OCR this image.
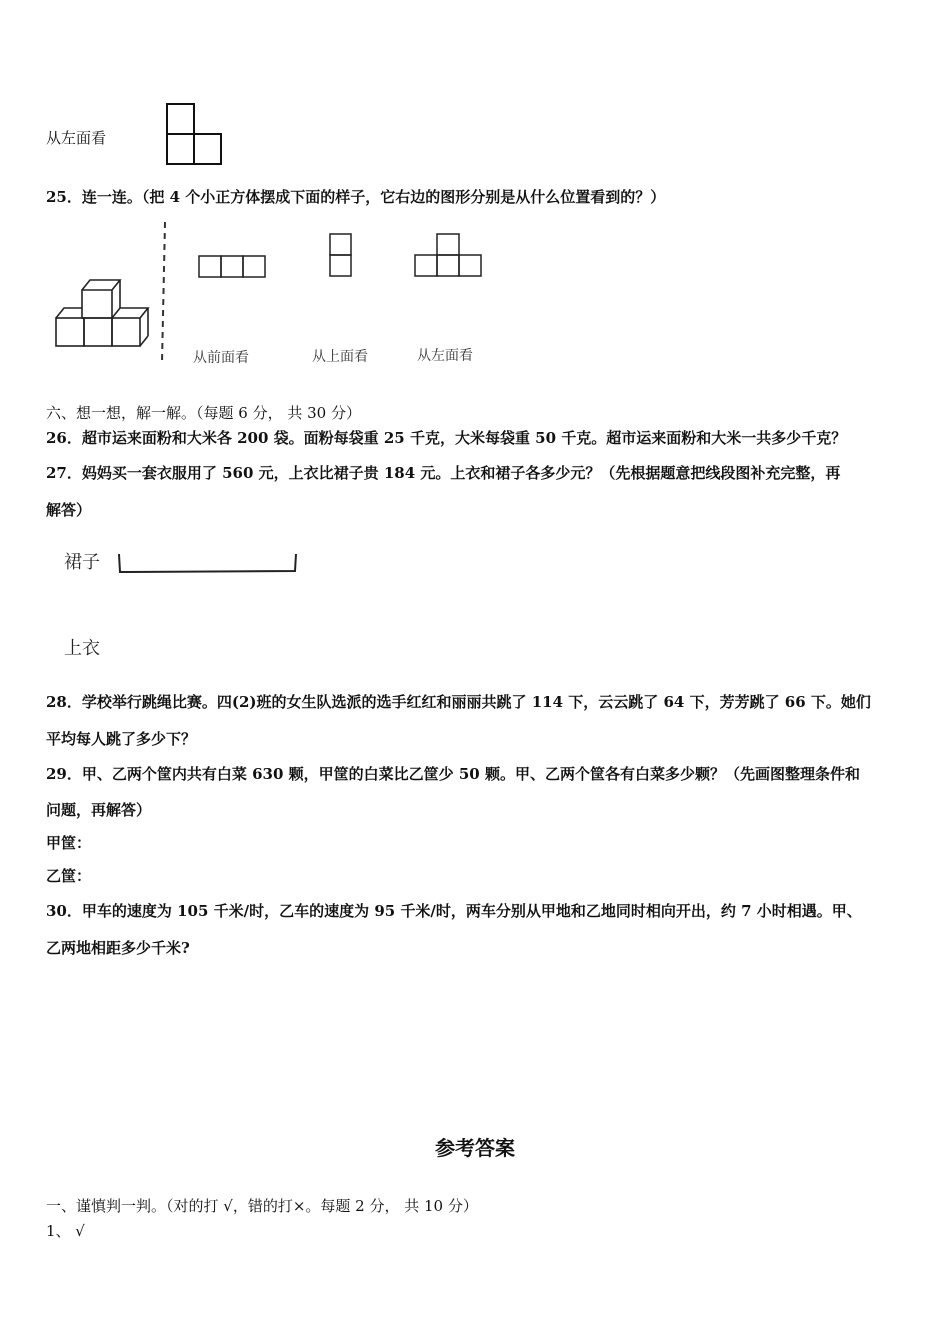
从左面看
25．连一连。（把 4 个小正方体摆成下面的样子，它右边的图形分别是从什么位置看到的？）
从前面看	从上面看	从左面看
六、想一想，解一解。（每题 6 分， 共 30 分）
26．超市运来面粉和大米各 200 袋。面粉每袋重 25 千克，大米每袋重 50 千克。超市运来面粉和大米一共多少千克？
27．妈妈买一套衣服用了 560 元，上衣比裙子贵 184 元。上衣和裙子各多少元？（先根据题意把线段图补充完整，再
解答）
裙子
上衣
28．学校举行跳绳比赛。四(2)班的女生队选派的选手红红和丽丽共跳了 114 下，云云跳了 64 下，芳芳跳了 66 下。她们
平均每人跳了多少下？
29．甲、乙两个筐内共有白菜 630 颗，甲筐的白菜比乙筐少 50 颗。甲、乙两个筐各有白菜多少颗？（先画图整理条件和
问题，再解答）
甲筐：
乙筐：
30．甲车的速度为 105 千米/时，乙车的速度为 95 千米/时，两车分别从甲地和乙地同时相向开出，约 7 小时相遇。甲、
乙两地相距多少千米?
参考答案
一、谨慎判一判。（对的打 √，错的打×。每题 2 分， 共 10 分）
1、 √
